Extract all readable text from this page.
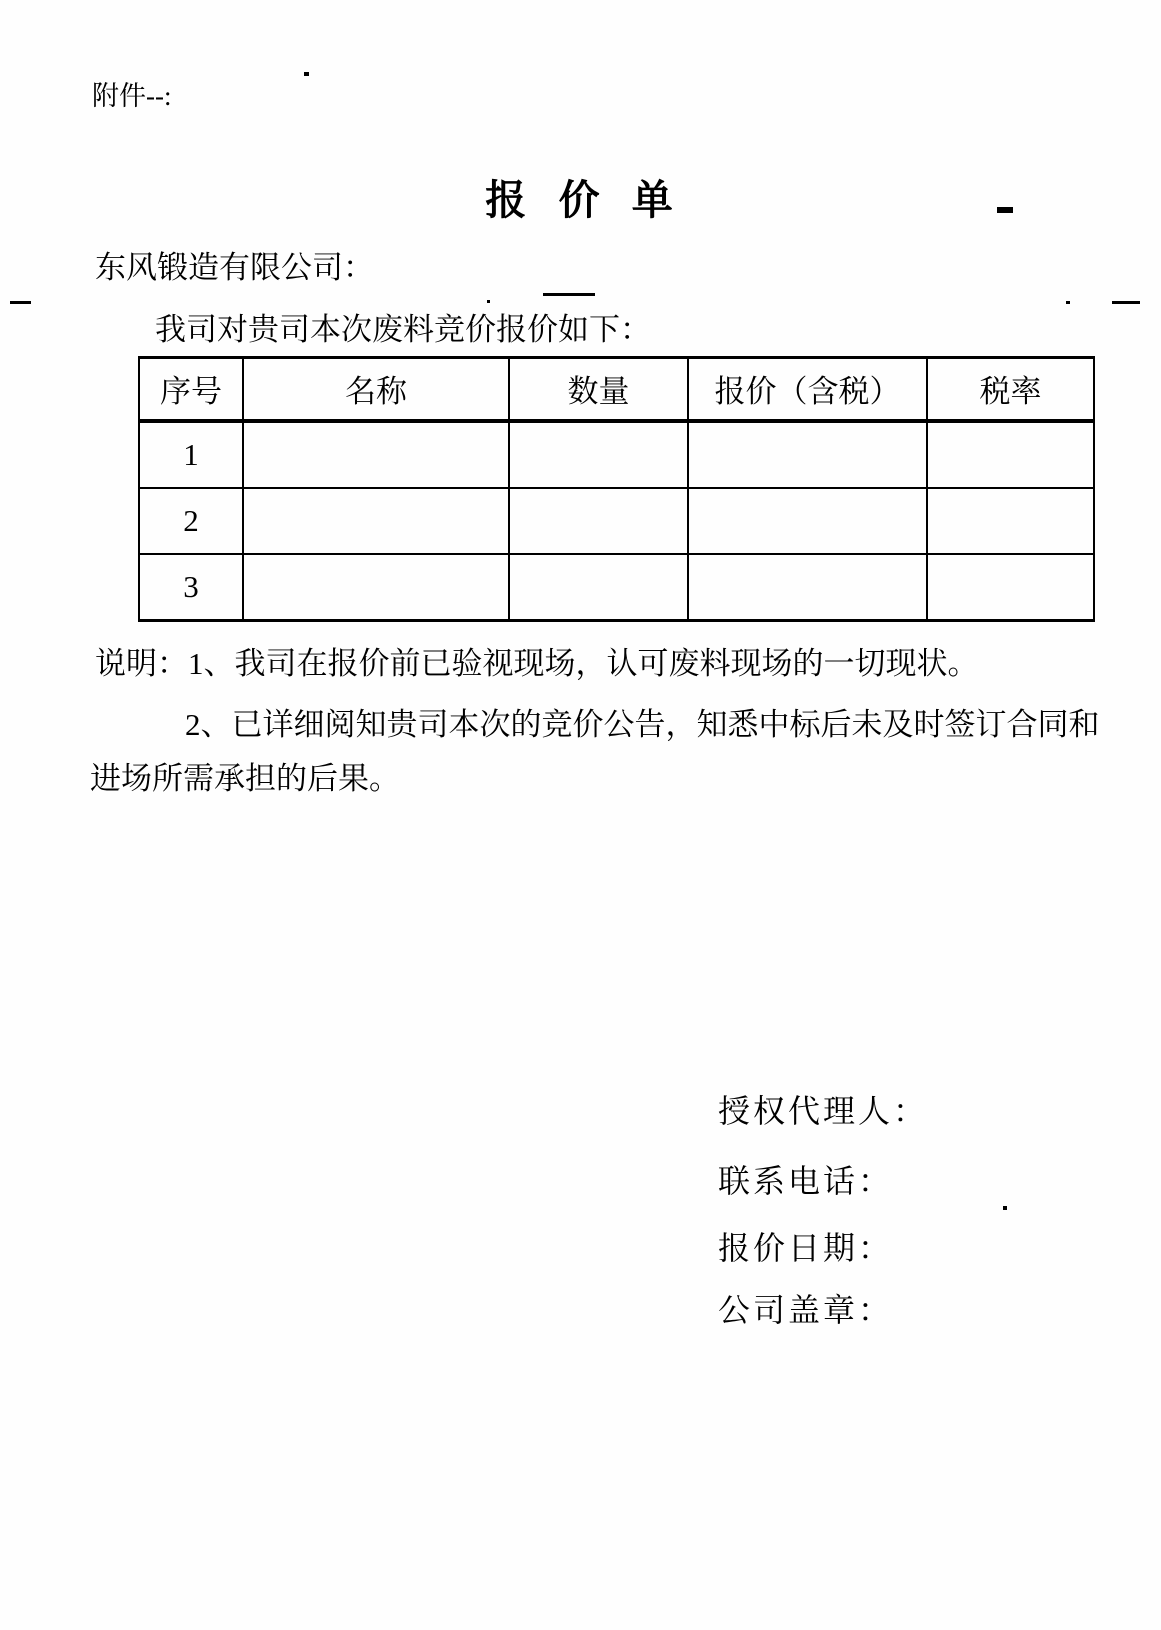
附件--:
报 价 单
东风锻造有限公司：
我司对贵司本次废料竞价报价如下：
序号	名称	数量	报价（含税）	税率
1				
2				
3				
说明：1、我司在报价前已验视现场，认可废料现场的一切现状。
2、已详细阅知贵司本次的竞价公告，知悉中标后未及时签订合同和
进场所需承担的后果。
授权代理人：
联系电话：
报价日期：
公司盖章：
